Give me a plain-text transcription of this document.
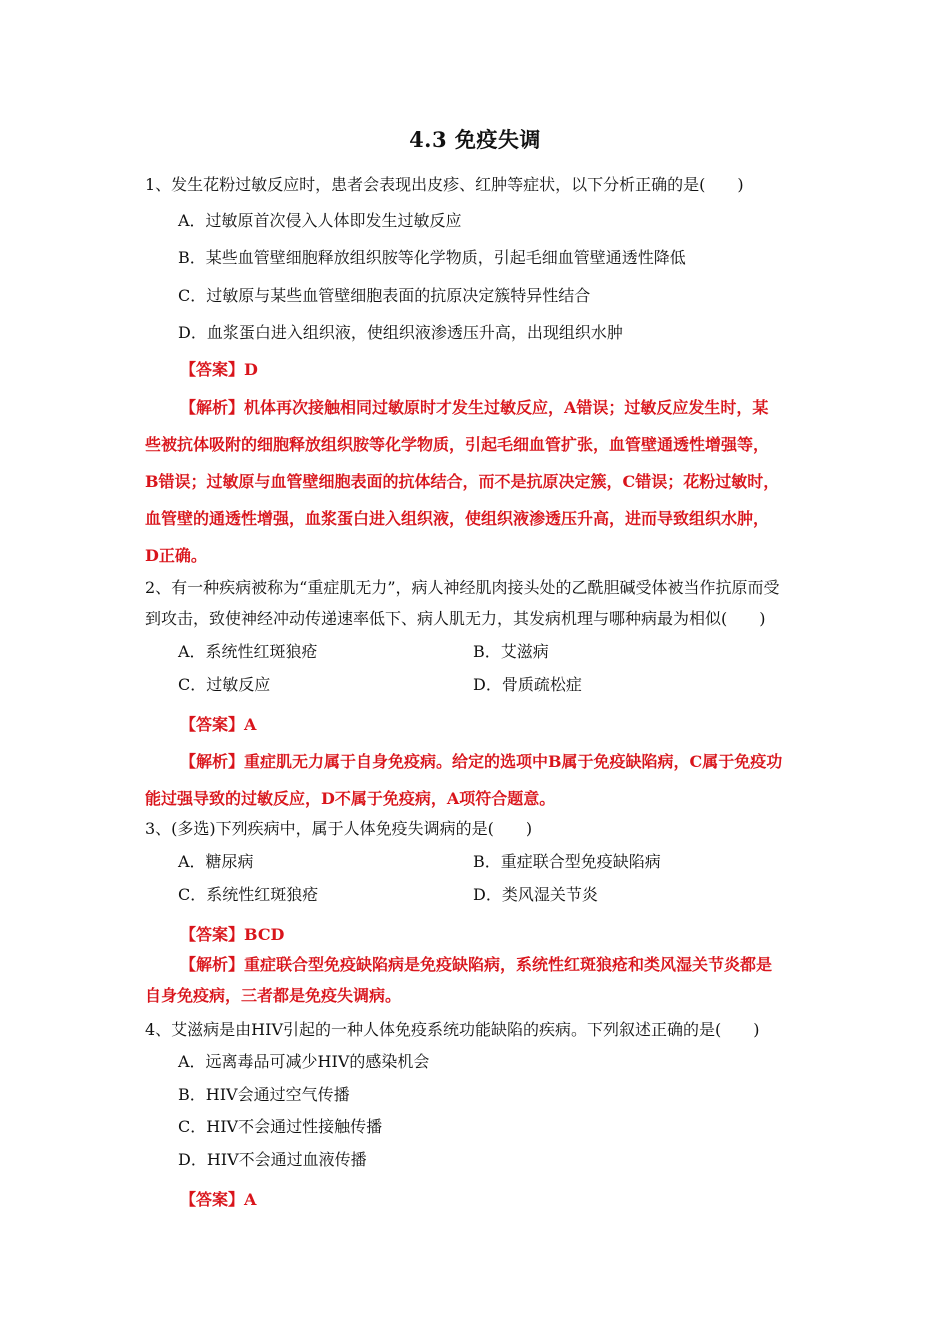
4.3 免疫失调
1、发生花粉过敏反应时，患者会表现出皮疹、红肿等症状，以下分析正确的是(　　)
A．过敏原首次侵入人体即发生过敏反应
B．某些血管壁细胞释放组织胺等化学物质，引起毛细血管壁通透性降低
C．过敏原与某些血管壁细胞表面的抗原决定簇特异性结合
D．血浆蛋白进入组织液，使组织液渗透压升高，出现组织水肿
【答案】D
【解析】机体再次接触相同过敏原时才发生过敏反应，A错误；过敏反应发生时，某
些被抗体吸附的细胞释放组织胺等化学物质，引起毛细血管扩张，血管壁通透性增强等，
B错误；过敏原与血管壁细胞表面的抗体结合，而不是抗原决定簇，C错误；花粉过敏时，
血管壁的通透性增强，血浆蛋白进入组织液，使组织液渗透压升高，进而导致组织水肿，
D正确。
2、有一种疾病被称为“重症肌无力”，病人神经肌肉接头处的乙酰胆碱受体被当作抗原而受
到攻击，致使神经冲动传递速率低下、病人肌无力，其发病机理与哪种病最为相似(　　)
A．系统性红斑狼疮	B．艾滋病
C．过敏反应	D．骨质疏松症
【答案】A
【解析】重症肌无力属于自身免疫病。给定的选项中B属于免疫缺陷病，C属于免疫功
能过强导致的过敏反应，D不属于免疫病，A项符合题意。
3、(多选)下列疾病中，属于人体免疫失调病的是(　　)
A．糖尿病	B．重症联合型免疫缺陷病
C．系统性红斑狼疮	D．类风湿关节炎
【答案】BCD
【解析】重症联合型免疫缺陷病是免疫缺陷病，系统性红斑狼疮和类风湿关节炎都是
自身免疫病，三者都是免疫失调病。
4、艾滋病是由HIV引起的一种人体免疫系统功能缺陷的疾病。下列叙述正确的是(　　)
A．远离毒品可减少HIV的感染机会
B．HIV会通过空气传播
C．HIV不会通过性接触传播
D．HIV不会通过血液传播
【答案】A
